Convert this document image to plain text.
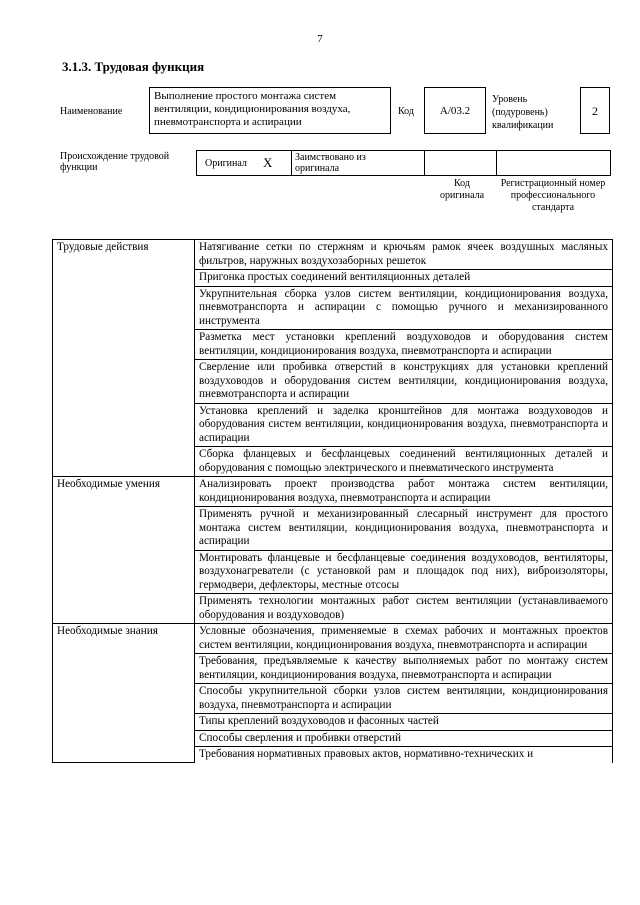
7
3.1.3. Трудовая функция
Наименование
Выполнение простого монтажа систем вентиляции, кондиционирования воздуха, пневмотранспорта и аспирации
Код	A/03.2
Уровень
(подуровень)
квалификации
2
Происхождение трудовой
функции	Оригинал X Заимствовано из
оригинала
Код оригинала
Регистрационный номер профессионального стандарта
Трудовые действия	Натягивание сетки по стержням и крючьям рамок ячеек воздушных масляных фильтров, наружных воздухозаборных решеток
	Пригонка простых соединений вентиляционных деталей
	Укрупнительная сборка узлов систем вентиляции, кондиционирования воздуха, пневмотранспорта и аспирации с помощью ручного и механизированного инструмента
	Разметка мест установки креплений воздуховодов и оборудования систем вентиляции, кондиционирования воздуха, пневмотранспорта и аспирации
	Сверление или пробивка отверстий в конструкциях для установки креплений воздуховодов и оборудования систем вентиляции, кондиционирования воздуха, пневмотранспорта и аспирации
	Установка креплений и заделка кронштейнов для монтажа воздуховодов и оборудования систем вентиляции, кондиционирования воздуха, пневмотранспорта и аспирации
	Сборка фланцевых и бесфланцевых соединений вентиляционных деталей и оборудования с помощью электрического и пневматического инструмента
Необходимые умения	Анализировать проект производства работ монтажа систем вентиляции, кондиционирования воздуха, пневмотранспорта и аспирации
	Применять ручной и механизированный слесарный инструмент для простого монтажа систем вентиляции, кондиционирования воздуха, пневмотранспорта и аспирации
	Монтировать фланцевые и бесфланцевые соединения воздуховодов, вентиляторы, воздухонагреватели (с установкой рам и площадок под них), виброизоляторы, гермодвери, дефлекторы, местные отсосы
	Применять технологии монтажных работ систем вентиляции (устанавливаемого оборудования и воздуховодов)
Необходимые знания	Условные обозначения, применяемые в схемах рабочих и монтажных проектов систем вентиляции, кондиционирования воздуха, пневмотранспорта и аспирации
	Требования, предъявляемые к качеству выполняемых работ по монтажу систем вентиляции, кондиционирования воздуха, пневмотранспорта и аспирации
	Способы укрупнительной сборки узлов систем вентиляции, кондиционирования воздуха, пневмотранспорта и аспирации
	Типы креплений воздуховодов и фасонных частей
	Способы сверления и пробивки отверстий
	Требования нормативных правовых актов, нормативно-технических и
